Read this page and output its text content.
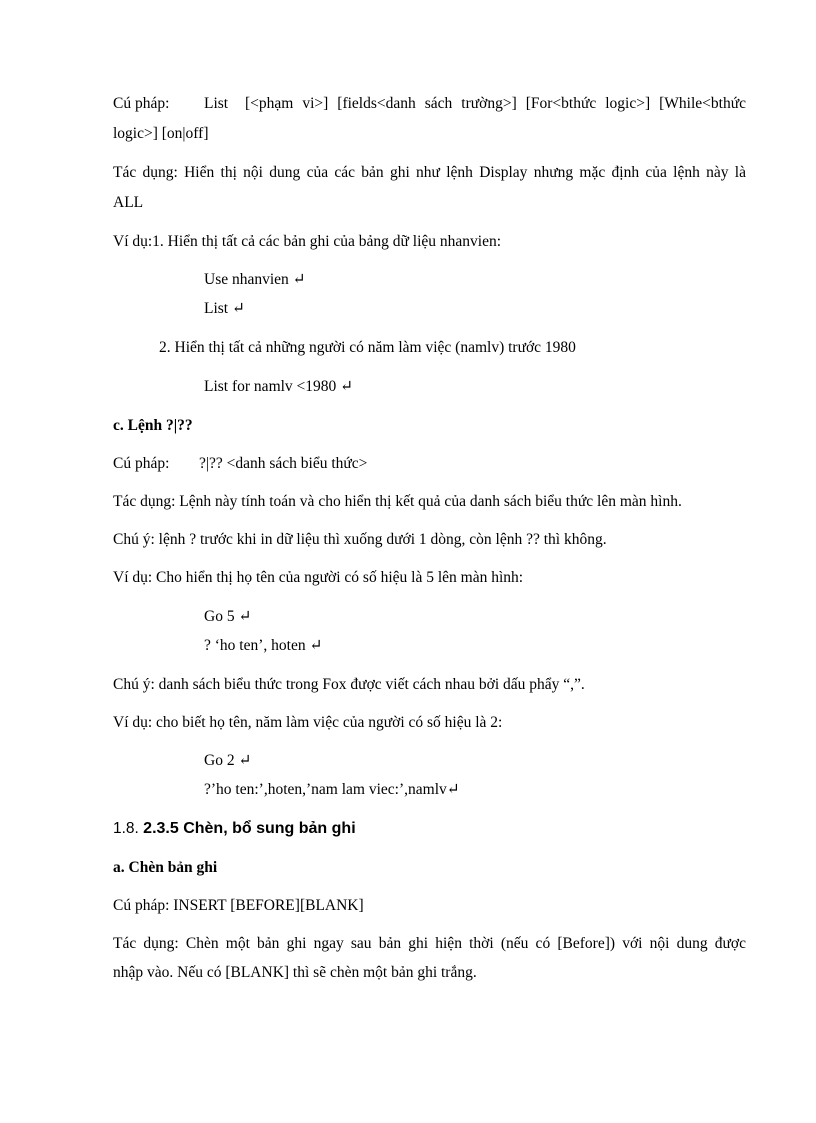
Cú pháp: List [<phạm vi>] [fields<danh sách trường>] [For<bthức logic>] [While<bthức
logic>] [on|off]
Tác dụng: Hiển thị nội dung của các bản ghi như lệnh Display nhưng mặc định của lệnh này là
ALL
Ví dụ:1. Hiển thị tất cả các bản ghi của bảng dữ liệu nhanvien:
Use nhanvien ↵
List ↵
2. Hiển thị tất cả những người có năm làm việc (namlv) trước 1980
List for namlv <1980 ↵
c. Lệnh ?|??
Cú pháp: ?|?? <danh sách biểu thức>
Tác dụng: Lệnh này tính toán và cho hiển thị kết quả của danh sách biểu thức lên màn hình.
Chú ý: lệnh ? trước khi in dữ liệu thì xuống dưới 1 dòng, còn lệnh ?? thì không.
Ví dụ: Cho hiển thị họ tên của người có số hiệu là 5 lên màn hình:
Go 5 ↵
? ‘ho ten’, hoten ↵
Chú ý: danh sách biểu thức trong Fox được viết cách nhau bởi dấu phẩy “,”.
Ví dụ: cho biết họ tên, năm làm việc của người có số hiệu là 2:
Go 2 ↵
?’ho ten:’,hoten,’nam lam viec:’,namlv↵
1.8. 2.3.5 Chèn, bổ sung bản ghi
a. Chèn bản ghi
Cú pháp: INSERT [BEFORE][BLANK]
Tác dụng: Chèn một bản ghi ngay sau bản ghi hiện thời (nếu có [Before]) với nội dung được
nhập vào. Nếu có [BLANK] thì sẽ chèn một bản ghi trắng.
